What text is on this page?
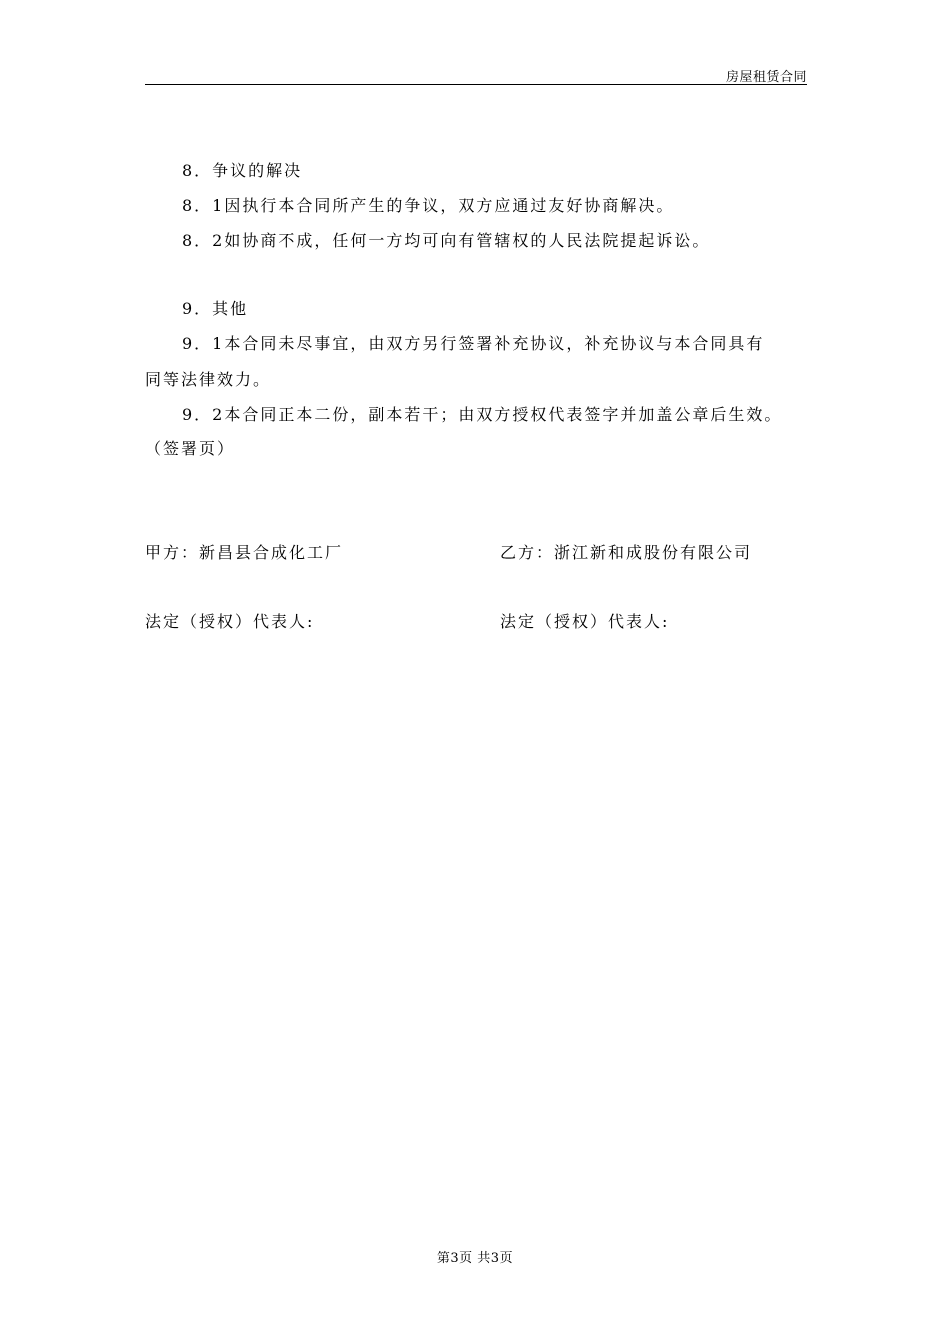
房屋租赁合同
8．争议的解决
8．1因执行本合同所产生的争议，双方应通过友好协商解决。
8．2如协商不成，任何一方均可向有管辖权的人民法院提起诉讼。
9．其他
9．1本合同未尽事宜，由双方另行签署补充协议，补充协议与本合同具有
同等法律效力。
9．2本合同正本二份，副本若干；由双方授权代表签字并加盖公章后生效。
（签署页）
甲方：新昌县合成化工厂	乙方：浙江新和成股份有限公司
法定（授权）代表人:	法定（授权）代表人:
第3页 共3页
